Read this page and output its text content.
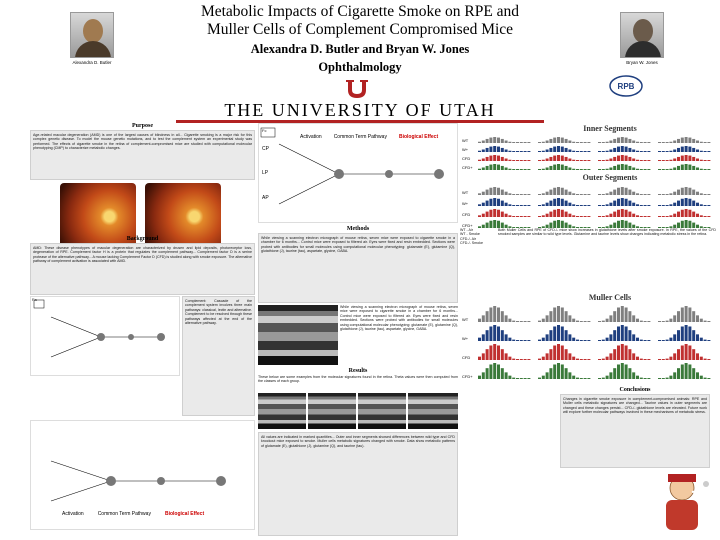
Metabolic Impacts of Cigarette Smoke on RPE and
Muller Cells of Complement Compromised Mice
Alexandra D. Butler and Bryan W. Jones
Ophthalmology
Alexandra D. Butler	Bryan W. Jones
THE UNIVERSITY OF UTAH
RPB
Purpose
Age-related macular degeneration (AMD) is one of the largest causes of blindness in all... Cigarette smoking is a major risk for this complex genetic disease. To model the mouse genetic mutations, and to test the complement system an experimental study was performed. The effects of cigarette smoke in the retina of complement-compromised mice are studied with computational molecular phenotyping (CMP) to characterize metabolic changes.
Background
AMD: These disease phenotypes of macular degeneration are characterized by drusen and lipid deposits, photoreceptor loss, degeneration of RPE. Complement factor H is a protein that regulates the complement pathway... Complement factor D is a serine protease of the alternative pathway... A mouse lacking Complement Factor D (CFD) is studied along with smoke exposure. The alternative pathway of complement activation is associated with AMD.
Fa	Complement: Cascade of the complement system involves three main pathways: classical, lectin and alternative. Complement to be resolved through these pathways affected at the end of the alternative pathway.
Activation	Common Term Pathway	Biological Effect
Fc
Activation Common Term Pathway Biological Effect
CP
LP
AP
Methods
While viewing a scanning electron micrograph of mouse retina, seven mice were exposed to cigarette smoke in a chamber for 6 months... Control mice were exposed to filtered air. Eyes were fixed and resin embedded. Sections were probed with antibodies for small molecules using computational molecular phenotyping: glutamate (E), glutamine (Q), glutathione (J), taurine (tau), aspartate, glycine, GABA.
While viewing a scanning electron micrograph of mouse retina, seven mice were exposed to cigarette smoke in a chamber for 6 months... Control mice were exposed to filtered air. Eyes were fixed and resin embedded. Sections were probed with antibodies for small molecules using computational molecular phenotyping: glutamate (E), glutamine (Q), glutathione (J), taurine (tau), aspartate, glycine, GABA.
Results
These below are some examples from the molecular signatures found in the retina. Theta values were then computed from the classes of each group.
All values are indicated in marked quantities... Outer and inner segments showed differences between wild type and CFD knockout mice exposed to smoke. Muller cells metabolic signatures changed with smoke. Data show metabolic patterns of glutamate (E), glutathione (J), glutamine (Q), and taurine (tau).
WT
W+
CFD
CFD+
WT
W+
CFD
CFD+
Inner Segments
Outer Segments
WT - Air
WT - Smoke
CFD-/- Air
CFD-/- Smoke
Both Muller Cells and RPE of CFD-/- mice show increases in glutathione levels after smoke exposure. In RPE, the values of the CFD smoked samples are similar to wild type levels. Glutamine and taurine levels show changes indicating metabolic stress in the retina.
WT
W+
CFD
CFD+
Muller Cells
Conclusions
Changes in cigarette smoke exposure in complement-compromised animals: RPE and Muller cells metabolic signatures are changed... Taurine values in outer segments are changed and these changes persist... CFD-/- glutathione levels are elevated. Future work will explore further molecular pathways involved in these mechanisms of metabolic stress.
